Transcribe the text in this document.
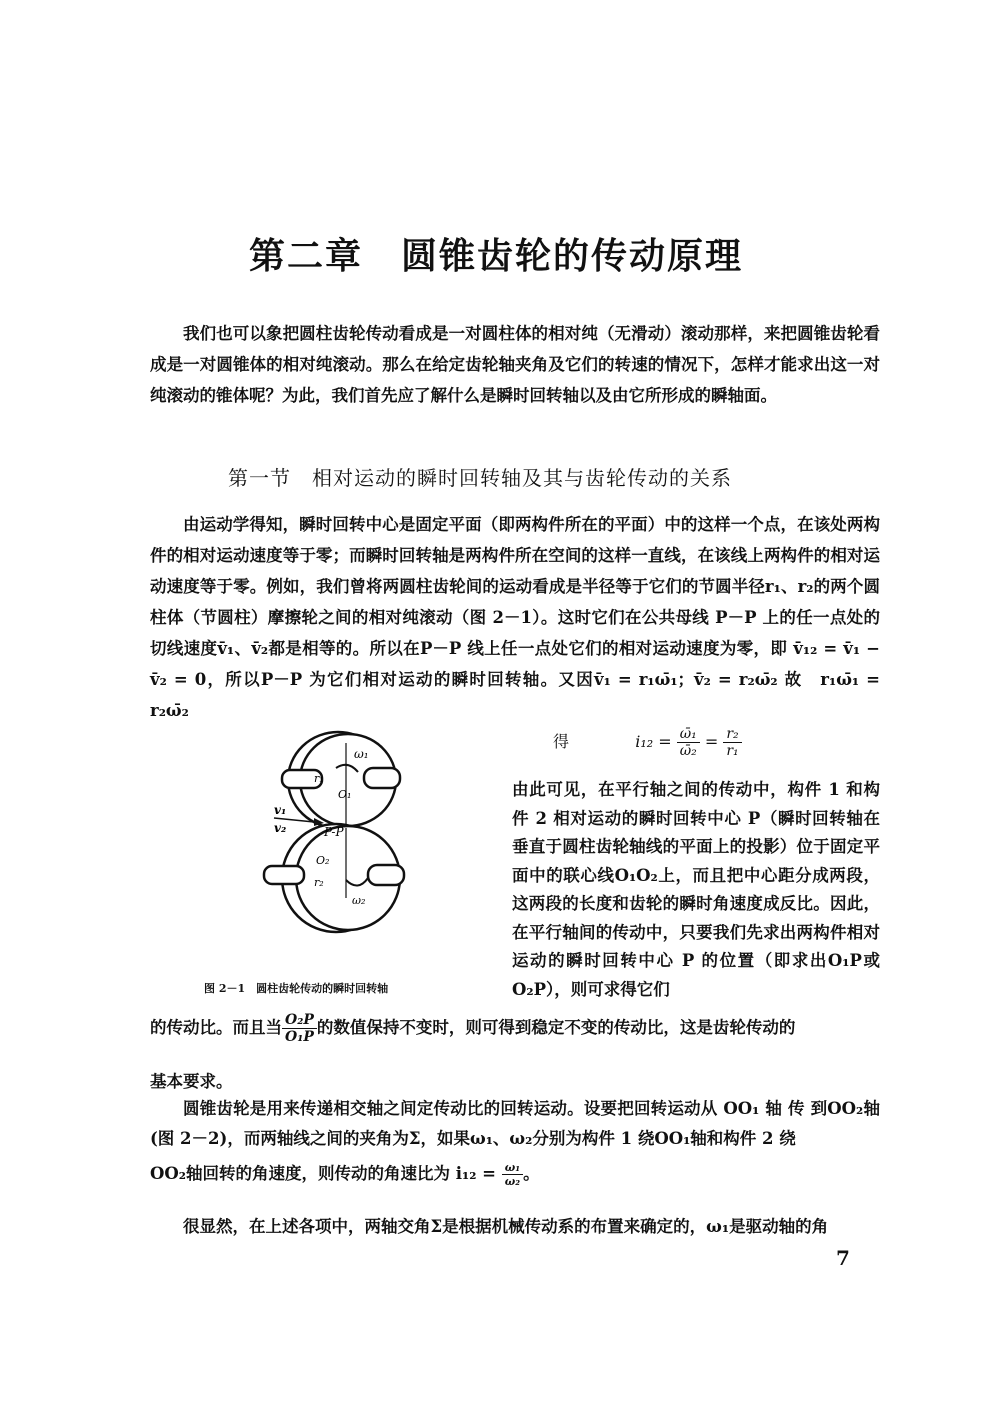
第二章　圆锥齿轮的传动原理

我们也可以象把圆柱齿轮传动看成是一对圆柱体的相对纯（无滑动）滚动那样，来把圆锥齿轮看成是一对圆锥体的相对纯滚动。那么在给定齿轮轴夹角及它们的转速的情况下，怎样才能求出这一对纯滚动的锥体呢？为此，我们首先应了解什么是瞬时回转轴以及由它所形成的瞬轴面。

第一节　相对运动的瞬时回转轴及其与齿轮传动的关系

由运动学得知，瞬时回转中心是固定平面（即两构件所在的平面）中的这样一个点，在该处两构件的相对运动速度等于零；而瞬时回转轴是两构件所在空间的这样一直线，在该线上两构件的相对运动速度等于零。例如，我们曾将两圆柱齿轮间的运动看成是半径等于它们的节圆半径r₁、r₂的两个圆柱体（节圆柱）摩擦轮之间的相对纯滚动（图 2－1）。这时它们在公共母线 P－P 上的任一点处的切线速度v̄₁、v̄₂都是相等的。所以在P－P 线上任一点处它们的相对运动速度为零，即 v̄₁₂ = v̄₁ − v̄₂ = 0，所以P－P 为它们相对运动的瞬时回转轴。又因v̄₁ = r₁ω̄₁；v̄₂ = r₂ω̄₂ 故　r₁ω̄₁ = r₂ω̄₂

ω₁
r₁
O₁
v₁
v₂	P-P
O₂
r₂
ω₂
图 2－1　圆柱齿轮传动的瞬时回转轴
得	$i_{12} = \frac{\text{ω̄₁}}{\text{ω̄₂}} = \frac{\text{r₂}}{\text{r₁}}$

由此可见，在平行轴之间的传动中，构件 1 和构件 2 相对运动的瞬时回转中心 P（瞬时回转轴在垂直于圆柱齿轮轴线的平面上的投影）位于固定平面中的联心线O₁O₂上，而且把中心距分成两段，这两段的长度和齿轮的瞬时角速度成反比。因此，在平行轴间的传动中，只要我们先求出两构件相对运动的瞬时回转中心 P 的位置（即求出O₁P或O₂P），则可求得它们

的传动比。而且当 $\frac{\text{O₂P}}{\text{O₁P}}$ 的数值保持不变时，则可得到稳定不变的传动比，这是齿轮传动的
基本要求。

圆锥齿轮是用来传递相交轴之间定传动比的回转运动。设要把回转运动从 OO₁ 轴 传 到OO₂轴(图 2－2)，而两轴线之间的夹角为Σ，如果ω₁、ω₂分别为构件 1 绕OO₁轴和构件 2 绕

OO₂轴回转的角速度，则传动的角速比为 $i_{12} = \frac{\text{ω₁}}{\text{ω₂}}$ 。

很显然，在上述各项中，两轴交角Σ是根据机械传动系的布置来确定的，ω₁是驱动轴的角

7
